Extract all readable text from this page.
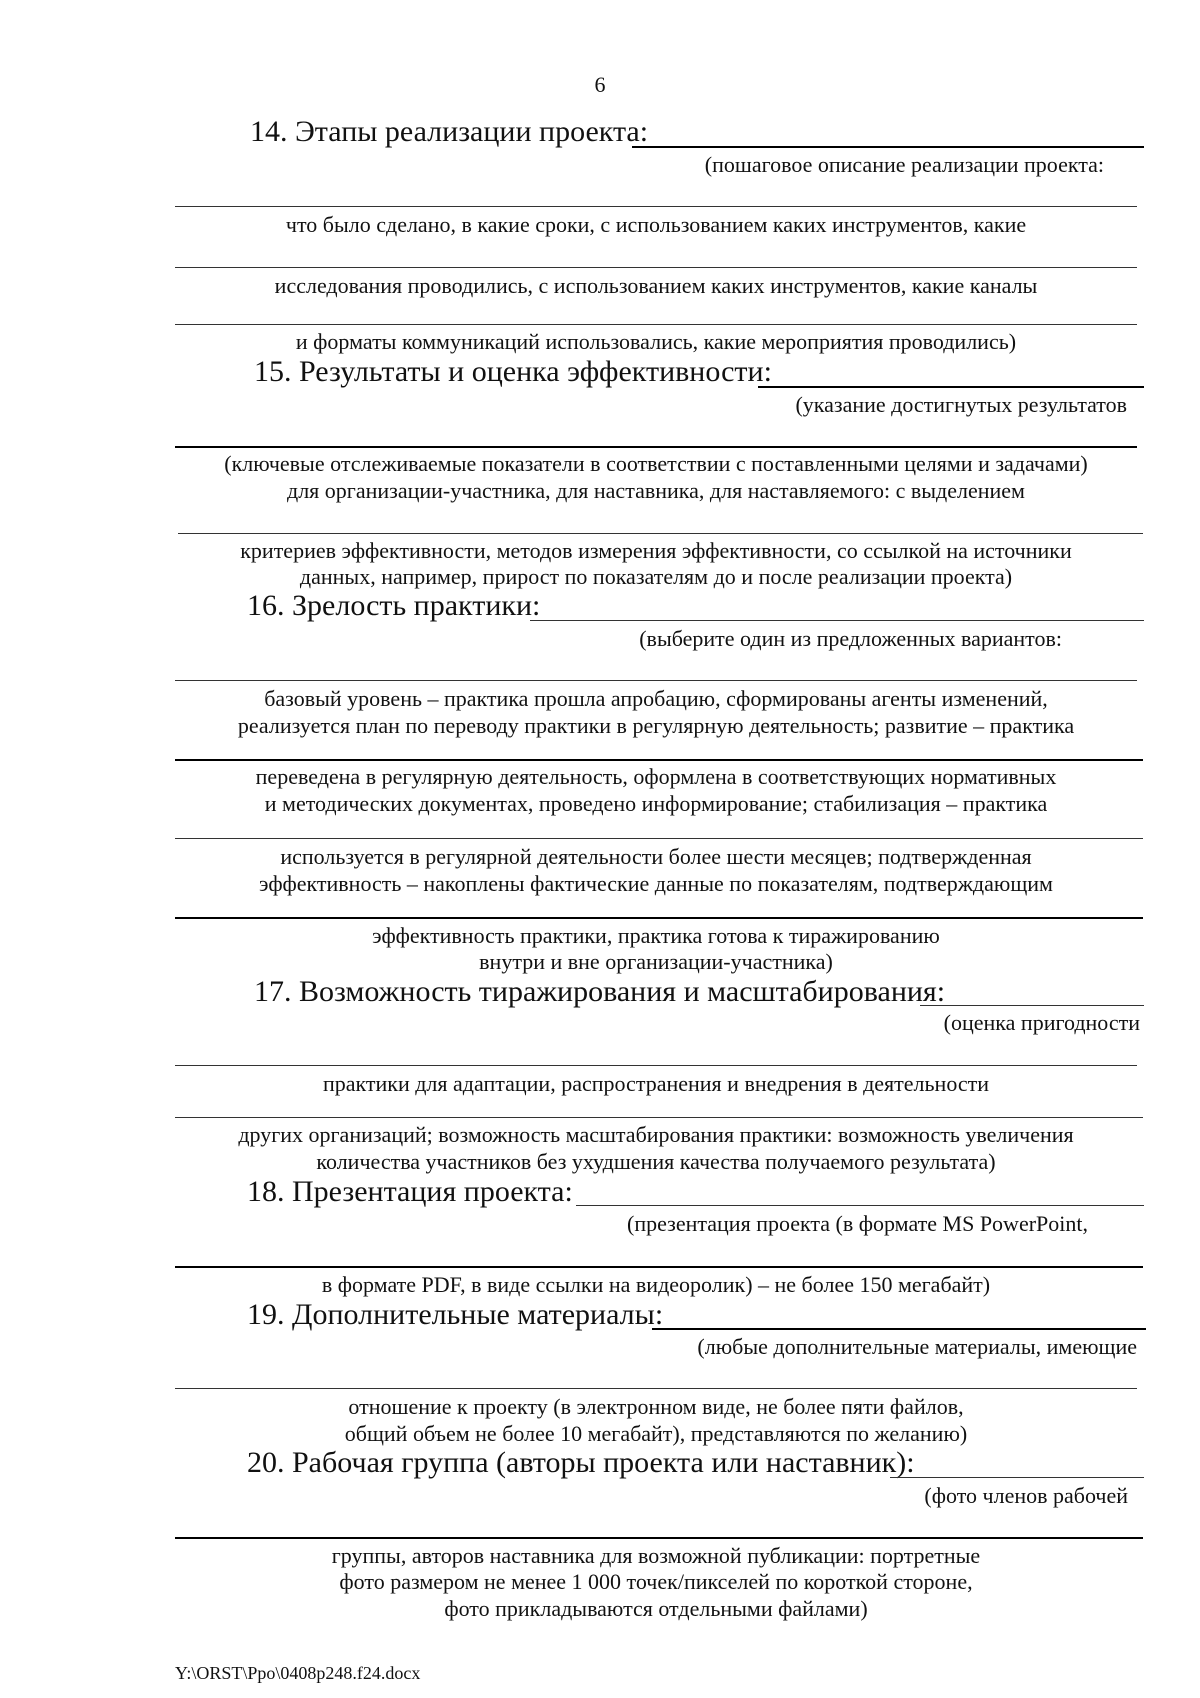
6
14. Этапы реализации проекта:
(пошаговое описание реализации проекта:
что было сделано, в какие сроки, с использованием каких инструментов, какие
исследования проводились, с использованием каких инструментов, какие каналы
и форматы коммуникаций использовались, какие мероприятия проводились)
15. Результаты и оценка эффективности:
(указание достигнутых результатов
(ключевые отслеживаемые показатели в соответствии с поставленными целями и задачами)
для организации-участника, для наставника, для наставляемого: с выделением
критериев эффективности, методов измерения эффективности, со ссылкой на источники
данных, например, прирост по показателям до и после реализации проекта)
16. Зрелость практики:
(выберите один из предложенных вариантов:
базовый уровень – практика прошла апробацию, сформированы агенты изменений,
реализуется план по переводу практики в регулярную деятельность; развитие – практика
переведена в регулярную деятельность, оформлена в соответствующих нормативных
и методических документах, проведено информирование; стабилизация – практика
используется в регулярной деятельности более шести месяцев; подтвержденная
эффективность – накоплены фактические данные по показателям, подтверждающим
эффективность практики, практика готова к тиражированию
внутри и вне организации-участника)
17. Возможность тиражирования и масштабирования:
(оценка пригодности
практики для адаптации, распространения и внедрения в деятельности
других организаций; возможность масштабирования практики: возможность увеличения
количества участников без ухудшения качества получаемого результата)
18. Презентация проекта:
(презентация проекта (в формате MS PowerPoint,
в формате PDF, в виде ссылки на видеоролик) – не более 150 мегабайт)
19. Дополнительные материалы:
(любые дополнительные материалы, имеющие
отношение к проекту (в электронном виде, не более пяти файлов,
общий объем не более 10 мегабайт), представляются по желанию)
20. Рабочая группа (авторы проекта или наставник):
(фото членов рабочей
группы, авторов наставника для возможной публикации: портретные
фото размером не менее 1 000 точек/пикселей по короткой стороне,
фото прикладываются отдельными файлами)
Y:\ORST\Ppo\0408p248.f24.docx
